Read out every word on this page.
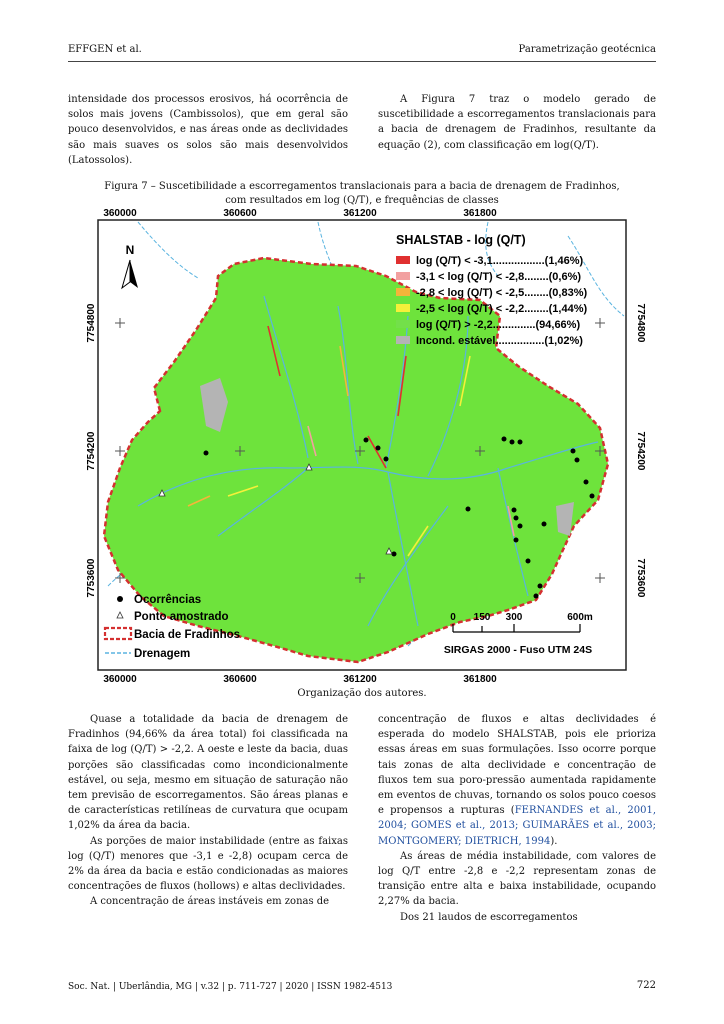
EFFGEN et al.	Parametrização geotécnica

intensidade dos processos erosivos, há ocorrência de solos mais jovens (Cambissolos), que em geral são pouco desenvolvidos, e nas áreas onde as declividades são mais suaves os solos são mais desenvolvidos (Latossolos).

A Figura 7 traz o modelo gerado de suscetibilidade a escorregamentos translacionais para a bacia de drenagem de Fradinhos, resultante da equação (2), com classificação em log(Q/T).

Figura 7 – Suscetibilidade a escorregamentos translacionais para a bacia de drenagem de Fradinhos,
com resultados em log (Q/T), e frequências de classes
360000	360600	361200	361800
360000	360600	361200	361800
7754800
7754200
7753600
7754800
7754200
7753600
N
SHALSTAB - log (Q/T)
log (Q/T) < -3,1.................(1,46%)
-3,1 < log (Q/T) < -2,8........(0,6%)
-2,8 < log (Q/T) < -2,5........(0,83%)
-2,5 < log (Q/T) < -2,2........(1,44%)
log (Q/T) > -2,2..............(94,66%)
Incond. estável................(1,02%)
Ocorrências
Ponto amostrado
Bacia de Fradinhos
Drenagem
0 150 300	600m
SIRGAS 2000 - Fuso UTM 24S
Organização dos autores.

Quase a totalidade da bacia de drenagem de Fradinhos (94,66% da área total) foi classificada na faixa de log (Q/T) > -2,2. A oeste e leste da bacia, duas porções são classificadas como incondicionalmente estável, ou seja, mesmo em situação de saturação não tem previsão de escorregamentos. São áreas planas e de características retilíneas de curvatura que ocupam 1,02% da área da bacia.

As porções de maior instabilidade (entre as faixas log (Q/T) menores que -3,1 e -2,8) ocupam cerca de 2% da área da bacia e estão condicionadas as maiores concentrações de fluxos (hollows) e altas declividades.

A concentração de áreas instáveis em zonas de

concentração de fluxos e altas declividades é esperada do modelo SHALSTAB, pois ele prioriza essas áreas em suas formulações. Isso ocorre porque tais zonas de alta declividade e concentração de fluxos tem sua poro-pressão aumentada rapidamente em eventos de chuvas, tornando os solos pouco coesos e propensos a rupturas (FERNANDES et al., 2001, 2004; GOMES et al., 2013; GUIMARÃES et al., 2003; MONTGOMERY; DIETRICH, 1994).

As áreas de média instabilidade, com valores de log Q/T entre -2,8 e -2,2 representam zonas de transição entre alta e baixa instabilidade, ocupando 2,27% da bacia.

Dos 21 laudos de escorregamentos

Soc. Nat. | Uberlândia, MG | v.32 | p. 711-727 | 2020 | ISSN 1982-4513	722
